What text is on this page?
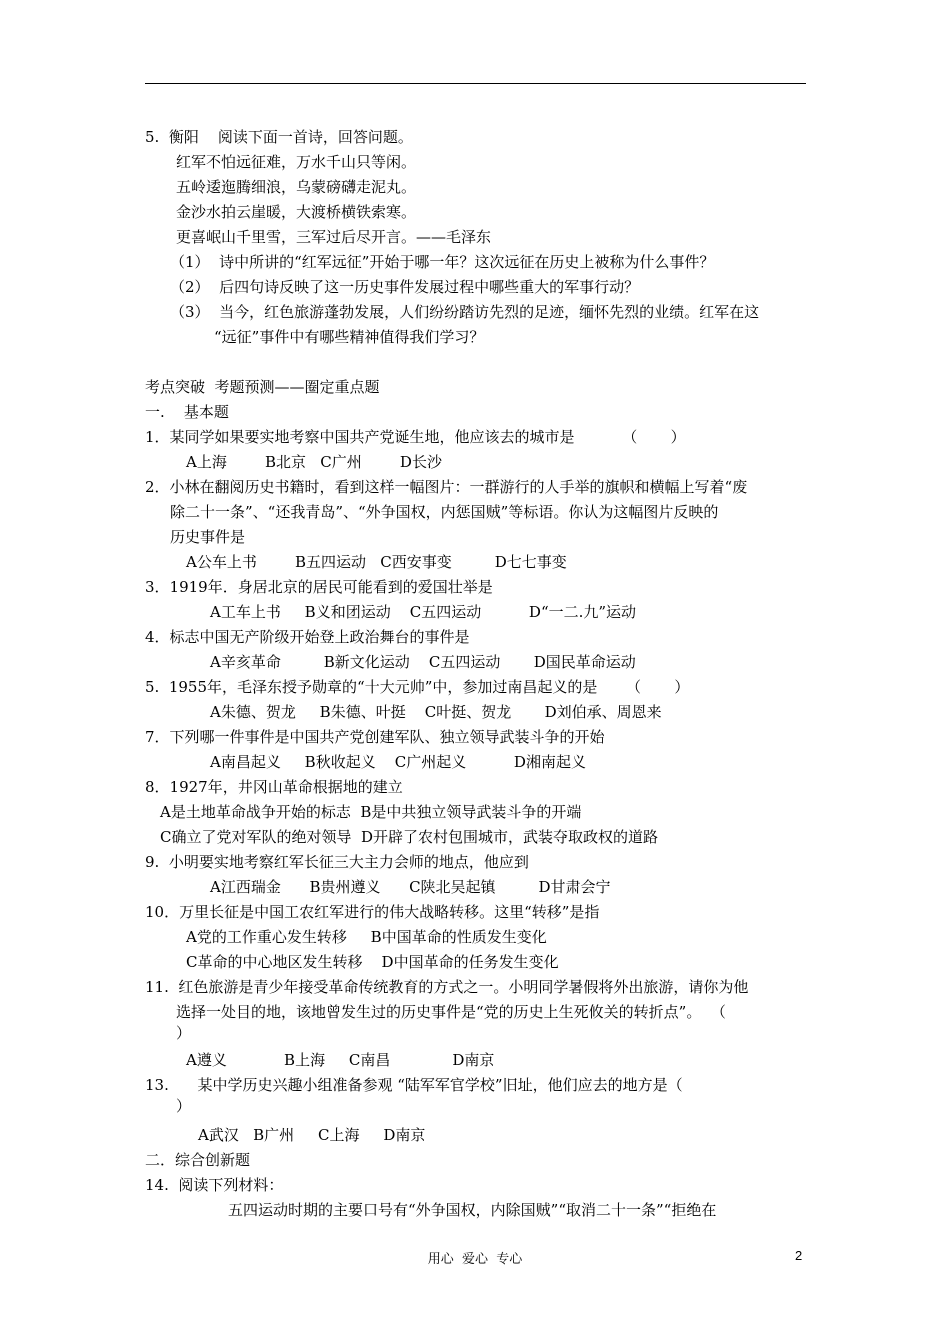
5.  衡阳    阅读下面一首诗，回答问题。
红军不怕远征难，万水千山只等闲。
五岭逶迤腾细浪，乌蒙磅礴走泥丸。
金沙水拍云崖暖，大渡桥横铁索寒。
更喜岷山千里雪，三军过后尽开言。——毛泽东
（1）  诗中所讲的“红军远征”开始于哪一年？这次远征在历史上被称为什么事件？
（2）  后四句诗反映了这一历史事件发展过程中哪些重大的军事行动？
（3）  当今，红色旅游蓬勃发展，人们纷纷踏访先烈的足迹，缅怀先烈的业绩。红军在这
“远征”事件中有哪些精神值得我们学习？
考点突破  考题预测——圈定重点题
一.    基本题
1．某同学如果要实地考察中国共产党诞生地，他应该去的城市是          （       ）
A上海        B北京   C广州        D长沙
2．小林在翻阅历史书籍时，看到这样一幅图片：一群游行的人手举的旗帜和横幅上写着“废
除二十一条”、“还我青岛”、“外争国权，内惩国贼”等标语。你认为这幅图片反映的
历史事件是
A公车上书        B五四运动   C西安事变         D七七事变
3．1919年．身居北京的居民可能看到的爱国壮举是
A工车上书     B义和团运动    C五四运动          D“一二.九”运动
4．标志中国无产阶级开始登上政治舞台的事件是
A辛亥革命         B新文化运动    C五四运动       D国民革命运动
5.  1955年，毛泽东授予勋章的“十大元帅”中，参加过南昌起义的是      （       ）
A朱德、贺龙     B朱德、叶挺    C叶挺、贺龙       D刘伯承、周恩来
7．下列哪一件事件是中国共产党创建军队、独立领导武装斗争的开始
A南昌起义     B秋收起义    C广州起义          D湘南起义
8．1927年，井冈山革命根据地的建立
A是土地革命战争开始的标志  B是中共独立领导武装斗争的开端
C确立了党对军队的绝对领导  D开辟了农村包围城市，武装夺取政权的道路
9.  小明要实地考察红军长征三大主力会师的地点，他应到
A江西瑞金      B贵州遵义      C陕北吴起镇         D甘肃会宁
10．万里长征是中国工农红军进行的伟大战略转移。这里“转移”是指
A党的工作重心发生转移     B中国革命的性质发生变化
C革命的中心地区发生转移    D中国革命的任务发生变化
11.  红色旅游是青少年接受革命传统教育的方式之一。小明同学暑假将外出旅游，请你为他
选择一处目的地，该地曾发生过的历史事件是“党的历史上生死攸关的转折点”。  （
）
A遵义            B上海     C南昌             D南京
13.      某中学历史兴趣小组准备参观 “陆军军官学校”旧址，他们应去的地方是（
）
A武汉   B广州     C上海     D南京
二．综合创新题
14.  阅读下列材料：
五四运动时期的主要口号有“外争国权，内除国贼”“取消二十一条”“拒绝在
用心  爱心  专心	2
